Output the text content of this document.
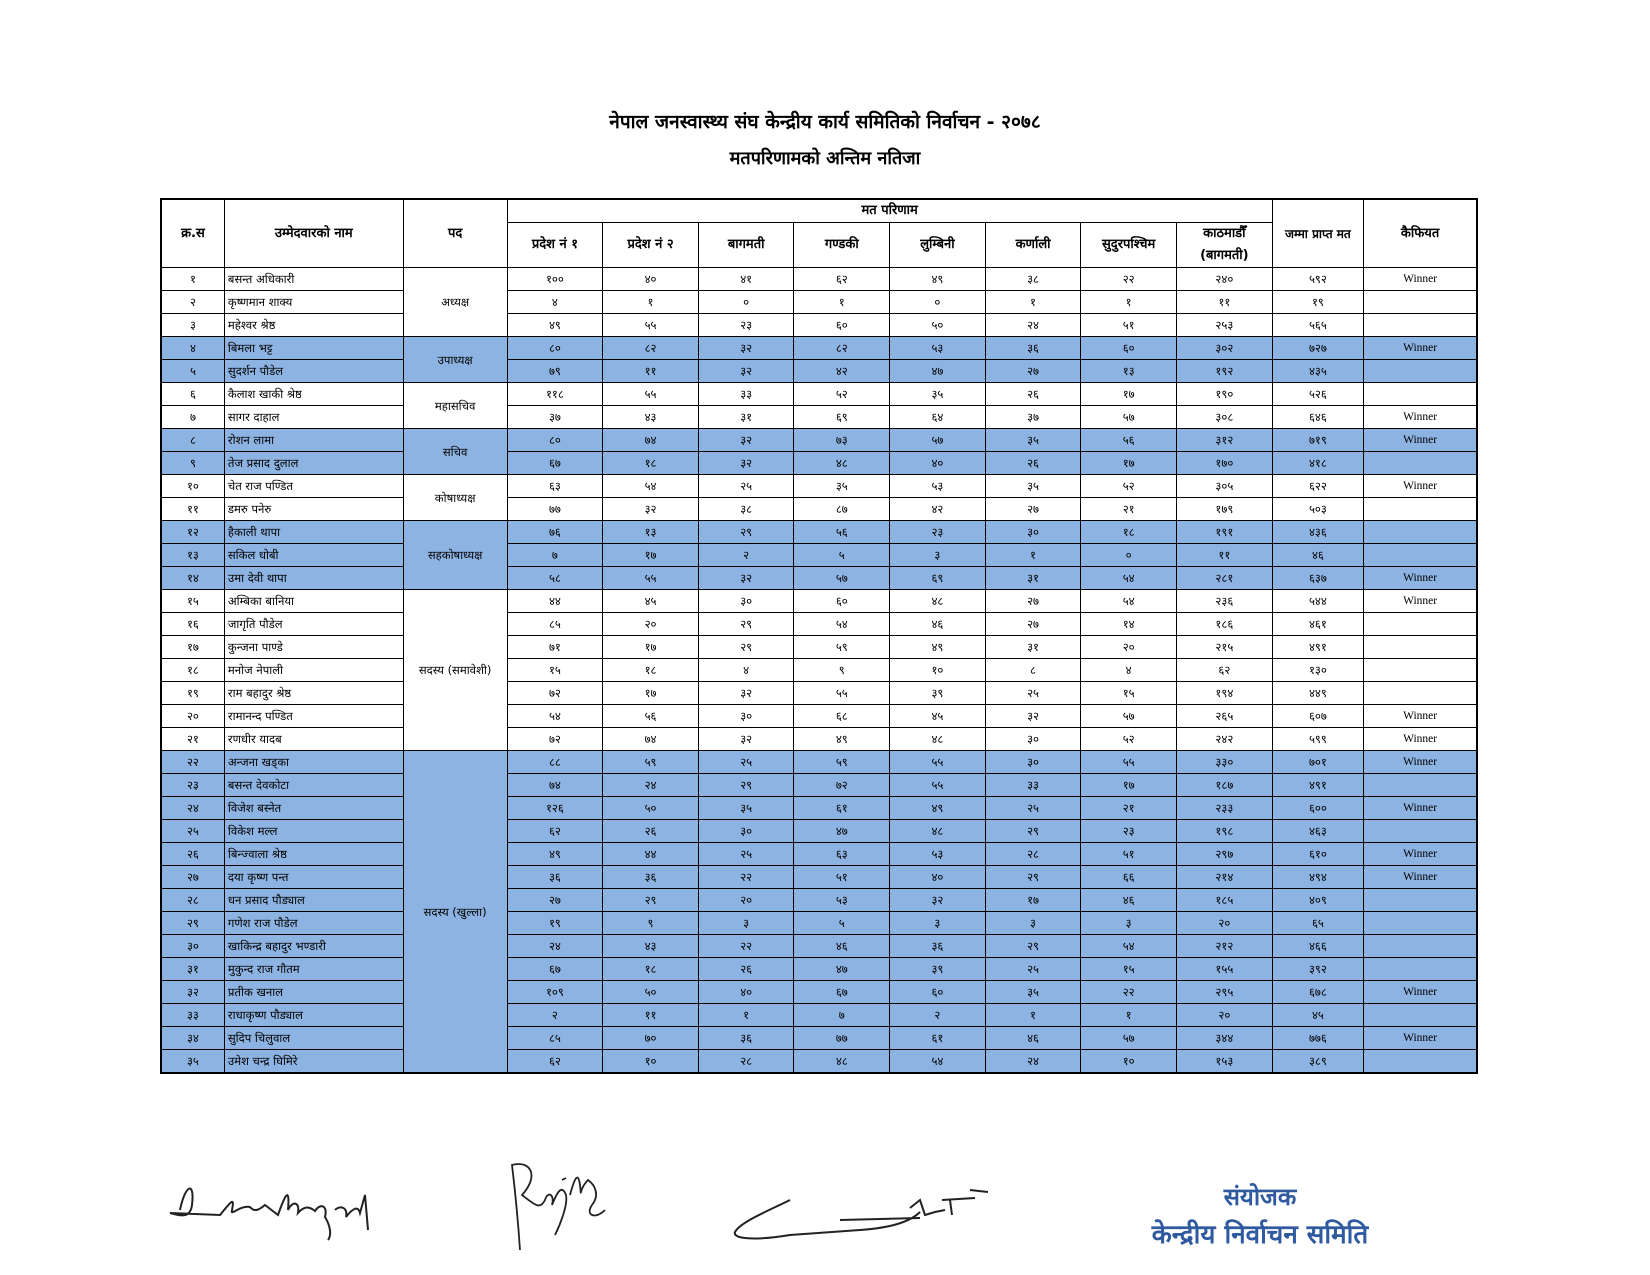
नेपाल जनस्वास्थ्य संघ केन्द्रीय कार्य समितिको निर्वाचन - २०७८
मतपरिणामको अन्तिम नतिजा
क्र.स	उम्मेदवारको नाम	पद	मत परिणाम								जम्मा प्राप्त मत	कैफियत
			प्रदेश नं १	प्रदेश नं २	बागमती	गण्डकी	लुम्बिनी	कर्णाली	सुदुरपश्चिम	काठमाडौँ
(बागमती)		

१	बसन्त अधिकारी	अध्यक्ष	१००	४०	४१	६२	४९	३८	२२	२४०	५९२	Winner
२	कृष्णमान शाक्य		४	१	०	१	०	१	१	११	१९	
३	महेश्वर श्रेष्ठ		४९	५५	२३	६०	५०	२४	५१	२५३	५६५	
४	बिमला भट्ट	उपाध्यक्ष	८०	८२	३२	८२	५३	३६	६०	३०२	७२७	Winner
५	सुदर्शन पौडेल		७९	११	३२	४२	४७	२७	१३	१९२	४३५	
६	कैलाश खाकी श्रेष्ठ	महासचिव	११८	५५	३३	५२	३५	२६	१७	१९०	५२६	
७	सागर दाहाल		३७	४३	३१	६९	६४	३७	५७	३०८	६४६	Winner
८	रोशन लामा	सचिव	८०	७४	३२	७३	५७	३५	५६	३१२	७१९	Winner
९	तेज प्रसाद दुलाल		६७	१८	३२	४८	४०	२६	१७	१७०	४१८	
१०	चेत राज पण्डित	कोषाध्यक्ष	६३	५४	२५	३५	५३	३५	५२	३०५	६२२	Winner
११	डमरु पनेरु		७७	३२	३८	८७	४२	२७	२१	१७९	५०३	
१२	हैकाली थापा	सहकोषाध्यक्ष	७६	१३	२९	५६	२३	३०	१८	१९१	४३६	
१३	सकिल धोबी		७	१७	२	५	३	१	०	११	४६	
१४	उमा देवी थापा		५८	५५	३२	५७	६९	३१	५४	२८१	६३७	Winner
१५	अम्बिका बानिया	सदस्य (समावेशी)	४४	४५	३०	६०	४८	२७	५४	२३६	५४४	Winner
१६	जागृति पौडेल		८५	२०	२९	५४	४६	२७	१४	१८६	४६१	
१७	कुन्जना पाण्डे		७१	१७	२९	५९	४९	३१	२०	२१५	४९१	
१८	मनोज नेपाली		१५	१८	४	९	१०	८	४	६२	१३०	
१९	राम बहादुर श्रेष्ठ		७२	१७	३२	५५	३९	२५	१५	१९४	४४९	
२०	रामानन्द पण्डित		५४	५६	३०	६८	४५	३२	५७	२६५	६०७	Winner
२१	रणधीर यादब		७२	७४	३२	४९	४८	३०	५२	२४२	५९९	Winner
२२	अन्जना खड्का	सदस्य (खुल्ला)	८८	५९	२५	५९	५५	३०	५५	३३०	७०१	Winner
२३	बसन्त देवकोटा		७४	२४	२९	७२	५५	३३	१७	१८७	४९१	
२४	विजेश बस्नेत		१२६	५०	३५	६१	४९	२५	२१	२३३	६००	Winner
२५	विकेश मल्ल		६२	२६	३०	४७	४८	२९	२३	१९८	४६३	
२६	बिन्ज्वाला श्रेष्ठ		४९	४४	२५	६३	५३	२८	५१	२९७	६१०	Winner
२७	दया कृष्ण पन्त		३६	३६	२२	५१	४०	२९	६६	२१४	४९४	Winner
२८	धन प्रसाद पौड्याल		२७	२९	२०	५३	३२	१७	४६	१८५	४०९	
२९	गणेश राज पौडेल		१९	९	३	५	३	३	३	२०	६५	
३०	खाकिन्द्र बहादुर भण्डारी		२४	४३	२२	४६	३६	२९	५४	२१२	४६६	
३१	मुकुन्द राज गौतम		६७	१८	२६	४७	३९	२५	१५	१५५	३९२	
३२	प्रतीक खनाल		१०९	५०	४०	६७	६०	३५	२२	२९५	६७८	Winner
३३	राधाकृष्ण पौड्याल		२	११	१	७	२	१	१	२०	४५	
३४	सुदिप चिलुवाल		८५	७०	३६	७७	६१	४६	५७	३४४	७७६	Winner
३५	उमेश चन्द्र घिमिरे		६२	१०	२८	४८	५४	२४	१०	१५३	३८९	
संयोजक
केन्द्रीय निर्वाचन समिति
